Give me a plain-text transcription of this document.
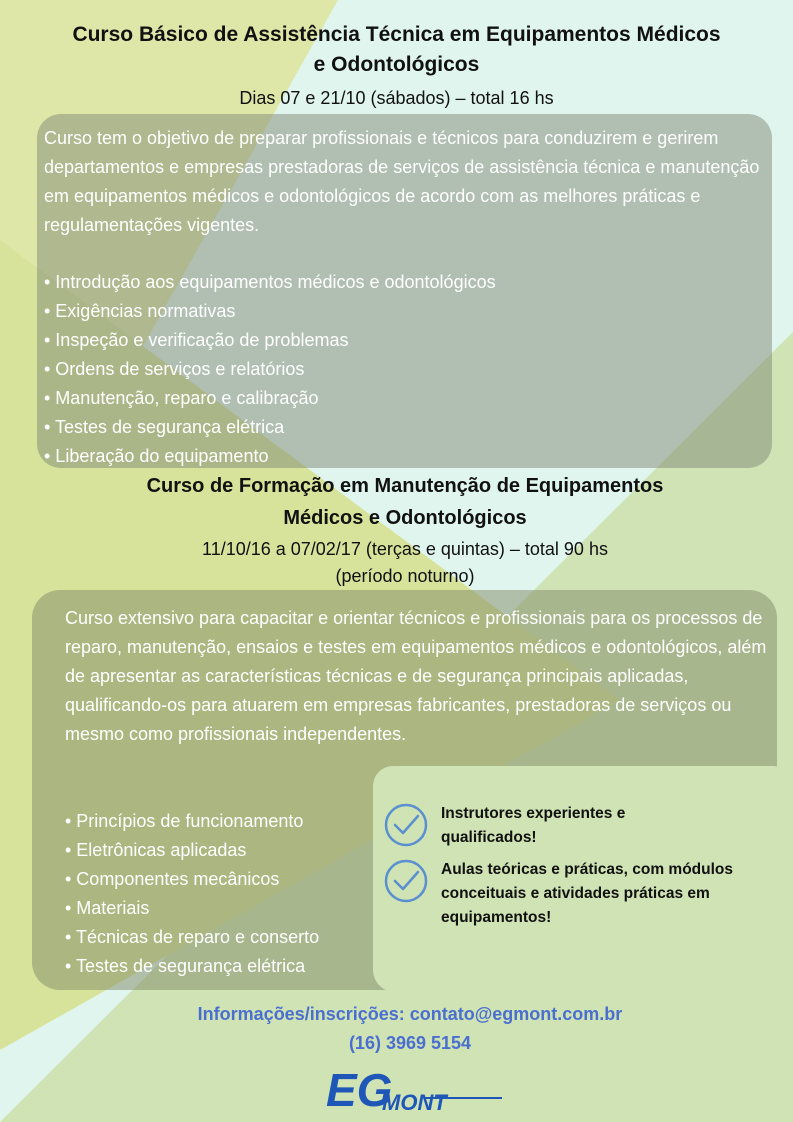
Curso Básico de Assistência Técnica em Equipamentos Médicos
e Odontológicos
Dias 07 e 21/10 (sábados) – total 16 hs
Curso tem o objetivo de preparar profissionais e técnicos para conduzirem e gerirem departamentos e empresas prestadoras de serviços de assistência técnica e manutenção em equipamentos médicos e odontológicos de acordo com as melhores práticas e regulamentações vigentes.
• Introdução aos equipamentos médicos e odontológicos
• Exigências normativas
• Inspeção e verificação de problemas
• Ordens de serviços e relatórios
• Manutenção, reparo e calibração
• Testes de segurança elétrica
• Liberação do equipamento
Curso de Formação em Manutenção de Equipamentos
Médicos e Odontológicos
11/10/16 a 07/02/17 (terças e quintas) – total 90 hs
(período noturno)
Curso extensivo para capacitar e orientar técnicos e profissionais para os processos de reparo, manutenção, ensaios e testes em equipamentos médicos e odontológicos, além de apresentar as características técnicas e de segurança principais aplicadas, qualificando-os para atuarem em empresas fabricantes, prestadoras de serviços ou mesmo como profissionais independentes.
• Princípios de funcionamento
• Eletrônicas aplicadas
• Componentes mecânicos
• Materiais
• Técnicas de reparo e conserto
• Testes de segurança elétrica
Instrutores experientes e qualificados!
Aulas teóricas e práticas, com módulos conceituais e atividades práticas em equipamentos!
Informações/inscrições: contato@egmont.com.br
(16) 3969 5154
EG
MONT
